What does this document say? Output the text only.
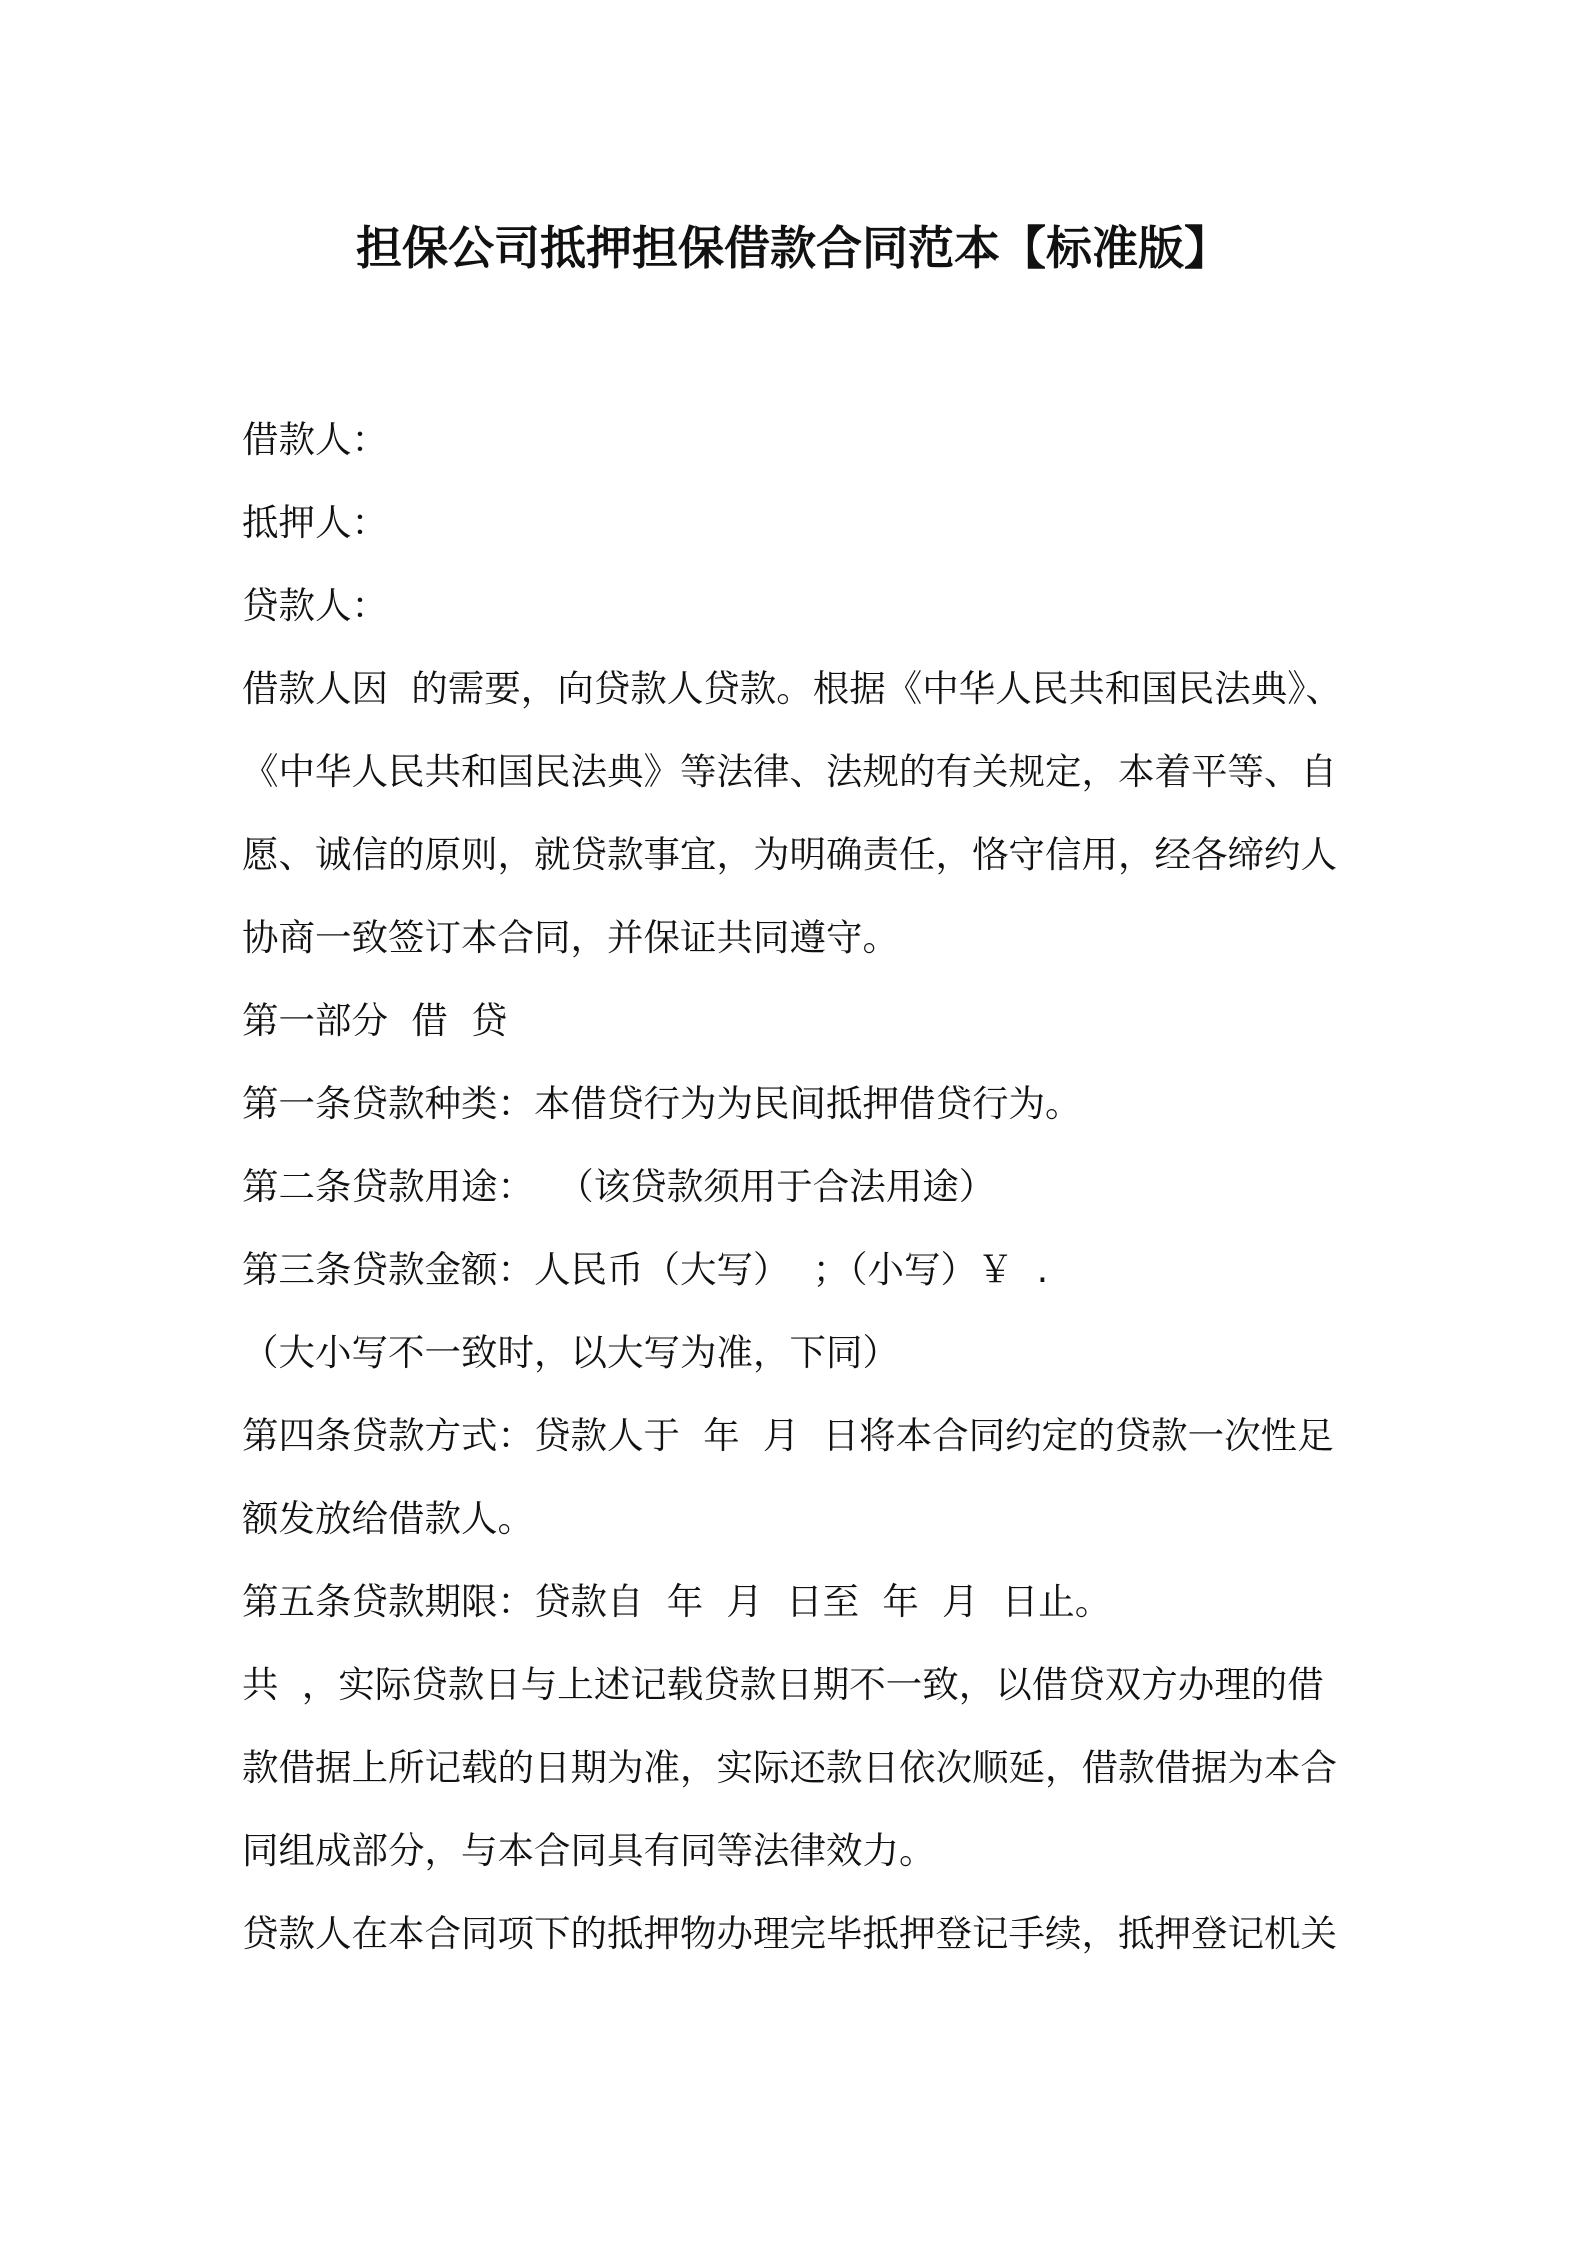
担保公司抵押担保借款合同范本【标准版】

借款人：

抵押人：

贷款人：

借款人因  的需要，向贷款人贷款。根据《中华人民共和国民法典》、

《中华人民共和国民法典》等法律、法规的有关规定，本着平等、自

愿、诚信的原则，就贷款事宜，为明确责任，恪守信用，经各缔约人

协商一致签订本合同，并保证共同遵守。

第一部分  借  贷

第一条贷款种类：本借贷行为为民间抵押借贷行为。

第二条贷款用途：  （该贷款须用于合法用途）

第三条贷款金额：人民币（大写）  ；（小写）￥  .

（大小写不一致时，以大写为准，下同）

第四条贷款方式：贷款人于  年  月  日将本合同约定的贷款一次性足

额发放给借款人。

第五条贷款期限：贷款自  年  月  日至  年  月  日止。

共  ，实际贷款日与上述记载贷款日期不一致，以借贷双方办理的借

款借据上所记载的日期为准，实际还款日依次顺延，借款借据为本合

同组成部分，与本合同具有同等法律效力。

贷款人在本合同项下的抵押物办理完毕抵押登记手续，抵押登记机关
